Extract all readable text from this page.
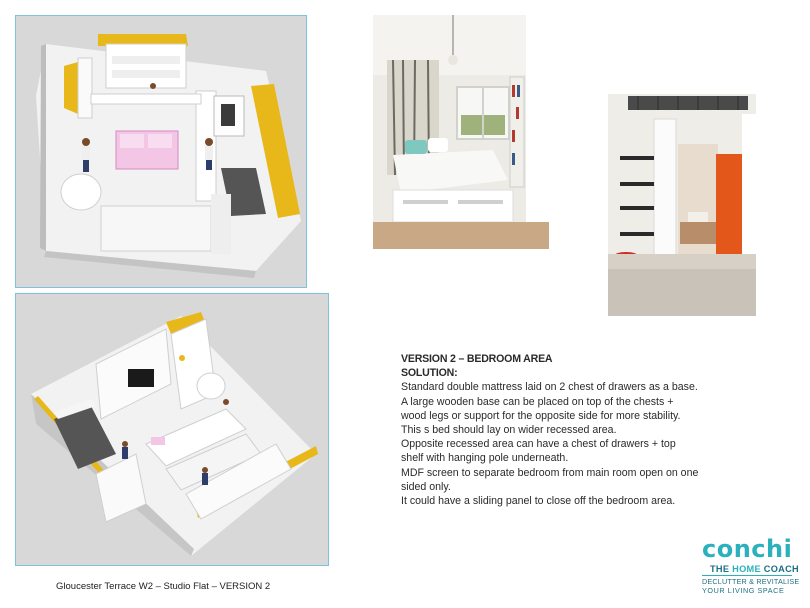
VERSION 2 – BEDROOM AREA

SOLUTION:

Standard double mattress laid on 2 chest of drawers as a base.

A large wooden base can be placed on top of the chests + wood legs or support for the opposite side for more stability.

This s bed should lay on wider recessed area.

Opposite recessed area can have a chest of drawers + top shelf with hanging pole underneath.

MDF screen to separate bedroom from main room open on one sided only.

It could have a sliding panel to close off the bedroom area.

Gloucester Terrace W2 – Studio Flat – VERSION 2
conchi
THE HOME COACH
DECLUTTER & REVITALISE
YOUR LIVING SPACE
